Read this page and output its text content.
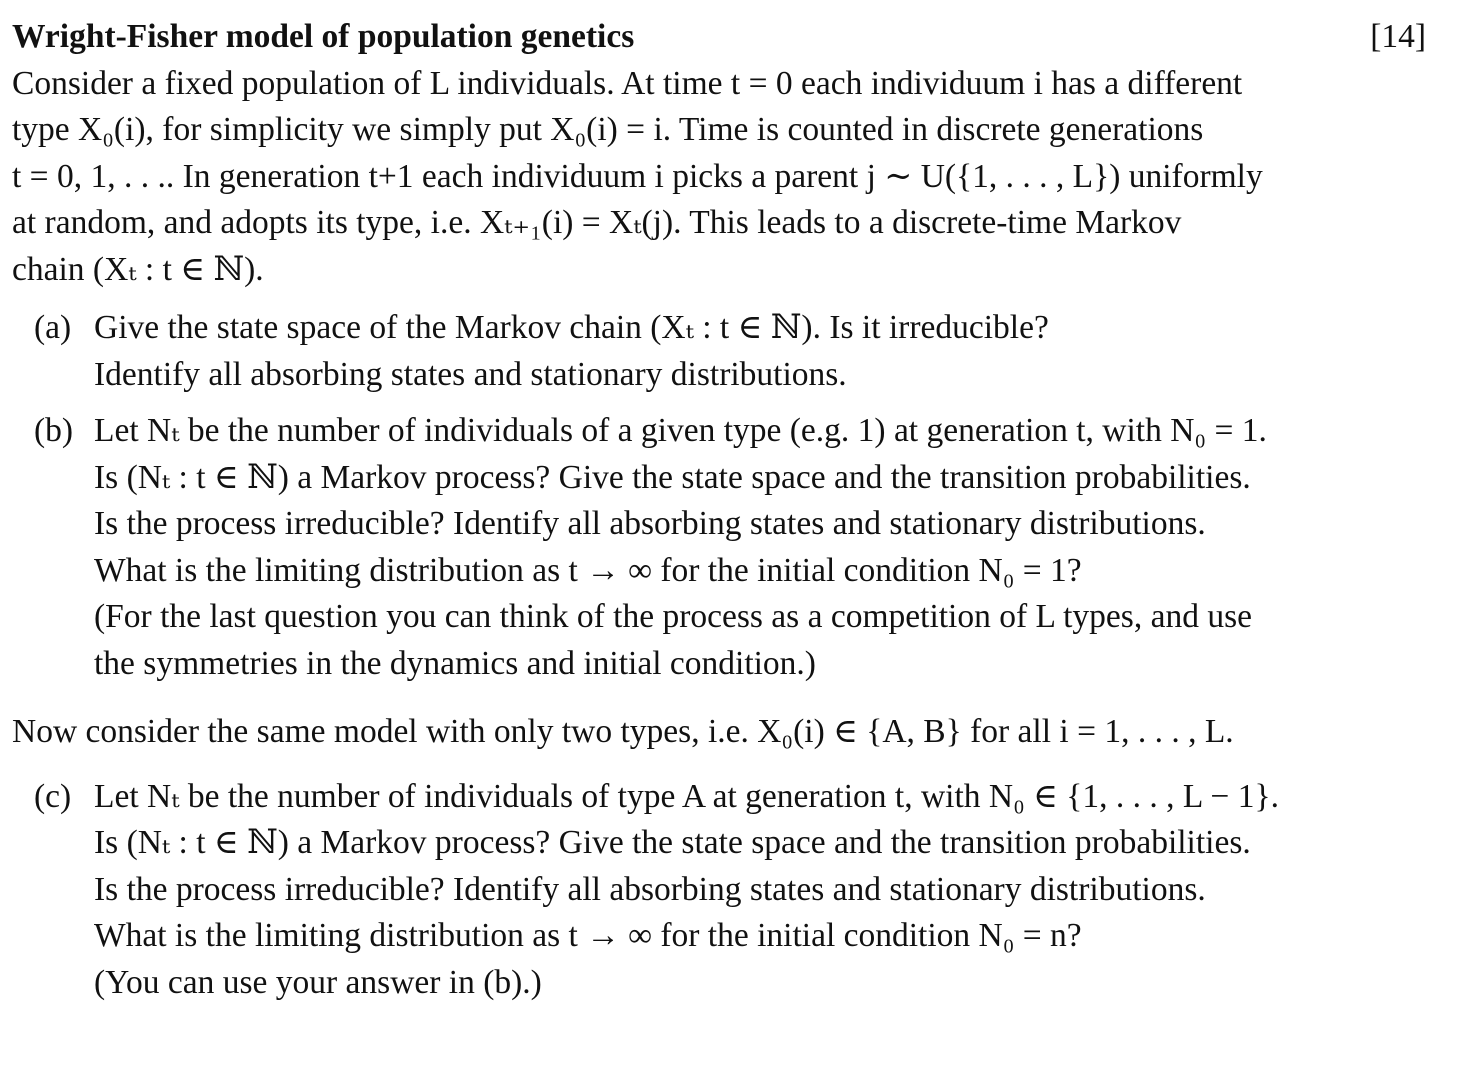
Wright-Fisher model of population genetics	[14]
Consider a fixed population of L individuals. At time t = 0 each individuum i has a different
type X₀(i), for simplicity we simply put X₀(i) = i. Time is counted in discrete generations
t = 0, 1, . . .. In generation t+1 each individuum i picks a parent j ∼ U({1, . . . , L}) uniformly
at random, and adopts its type, i.e. Xₜ₊₁(i) = Xₜ(j). This leads to a discrete-time Markov
chain (Xₜ : t ∈ ℕ).
(a) Give the state space of the Markov chain (Xₜ : t ∈ ℕ). Is it irreducible?
Identify all absorbing states and stationary distributions.
(b) Let Nₜ be the number of individuals of a given type (e.g. 1) at generation t, with N₀ = 1.
Is (Nₜ : t ∈ ℕ) a Markov process? Give the state space and the transition probabilities.
Is the process irreducible? Identify all absorbing states and stationary distributions.
What is the limiting distribution as t → ∞ for the initial condition N₀ = 1?
(For the last question you can think of the process as a competition of L types, and use
the symmetries in the dynamics and initial condition.)
Now consider the same model with only two types, i.e. X₀(i) ∈ {A, B} for all i = 1, . . . , L.
(c) Let Nₜ be the number of individuals of type A at generation t, with N₀ ∈ {1, . . . , L − 1}.
Is (Nₜ : t ∈ ℕ) a Markov process? Give the state space and the transition probabilities.
Is the process irreducible? Identify all absorbing states and stationary distributions.
What is the limiting distribution as t → ∞ for the initial condition N₀ = n?
(You can use your answer in (b).)
